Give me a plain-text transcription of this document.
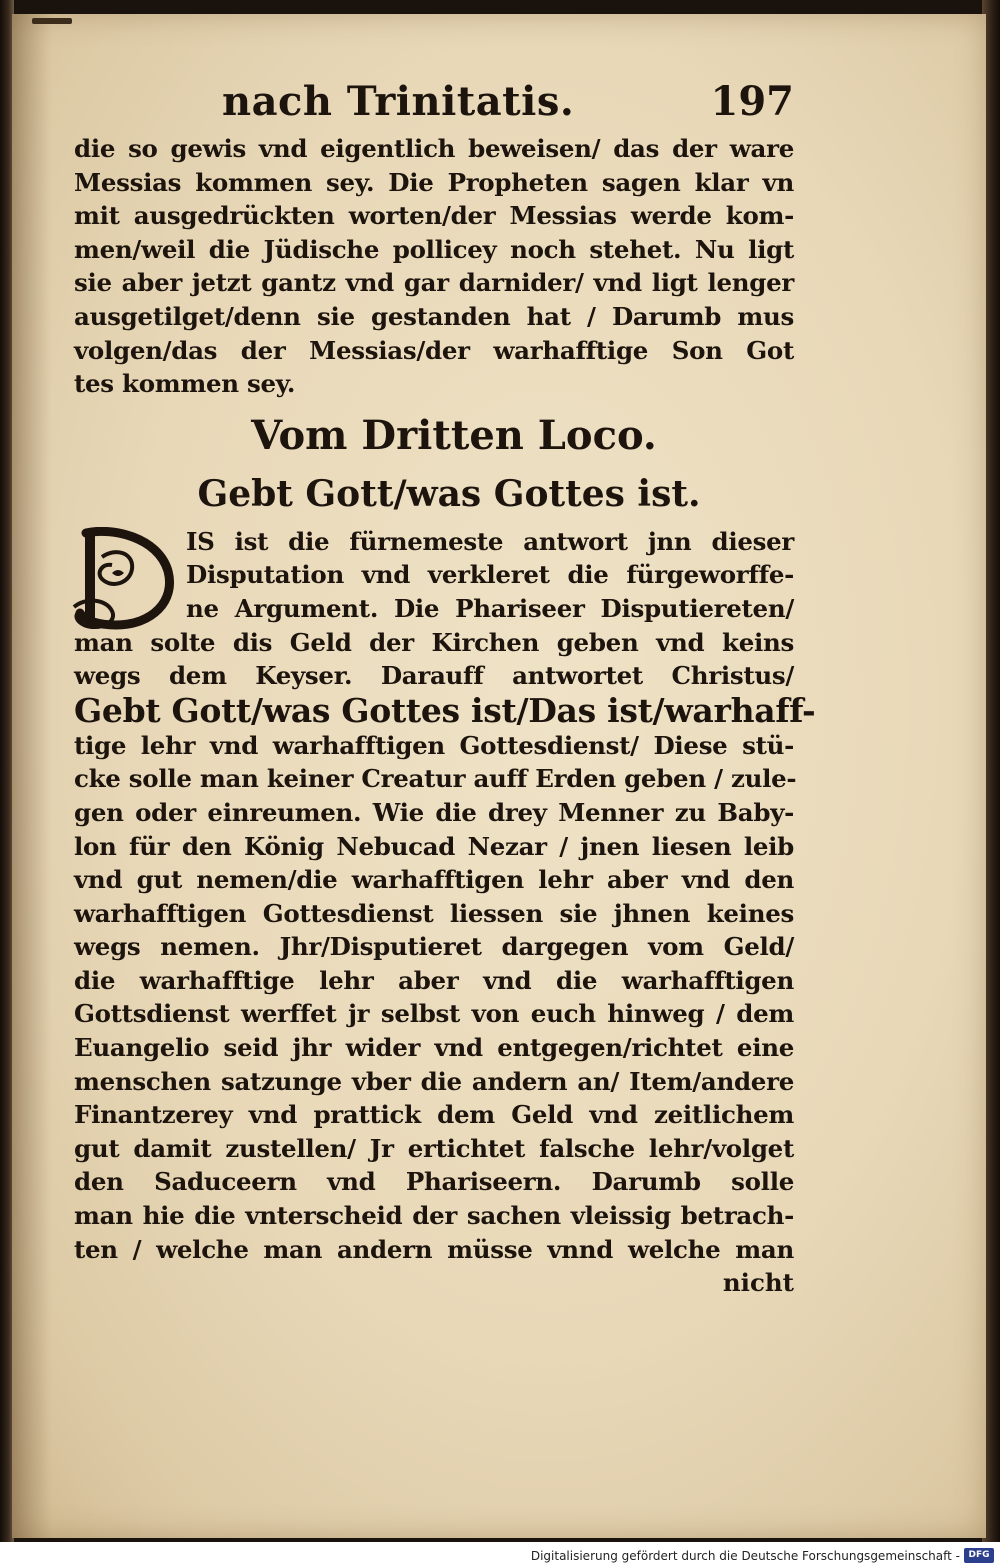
nach Trinitatis.	197
die so gewis vnd eigentlich beweisen/ das der ware
Messias kommen sey. Die Propheten sagen klar vn
mit ausgedrückten worten/der Messias werde kom-
men/weil die Jüdische pollicey noch stehet. Nu ligt
sie aber jetzt gantz vnd gar darnider/ vnd ligt lenger
ausgetilget/denn sie gestanden hat / Darumb mus
volgen/das der Messias/der warhafftige Son Got
tes kommen sey.
Vom Dritten Loco.
Gebt Gott/was Gottes ist.
IS ist die fürnemeste antwort jnn dieser
Disputation vnd verkleret die fürgeworffe-
ne Argument. Die Phariseer Disputiereten/
man solte dis Geld der Kirchen geben vnd keins
wegs dem Keyser. Darauff antwortet Christus/
Gebt Gott/was Gottes ist/Das ist/warhaff-
tige lehr vnd warhafftigen Gottesdienst/ Diese stü-
cke solle man keiner Creatur auff Erden geben / zule-
gen oder einreumen. Wie die drey Menner zu Baby-
lon für den König Nebucad Nezar / jnen liesen leib
vnd gut nemen/die warhafftigen lehr aber vnd den
warhafftigen Gottesdienst liessen sie jhnen keines
wegs nemen. Jhr/Disputieret dargegen vom Geld/
die warhafftige lehr aber vnd die warhafftigen
Gottsdienst werffet jr selbst von euch hinweg / dem
Euangelio seid jhr wider vnd entgegen/richtet eine
menschen satzunge vber die andern an/ Item/andere
Finantzerey vnd prattick dem Geld vnd zeitlichem
gut damit zustellen/ Jr ertichtet falsche lehr/volget
den Saduceern vnd Phariseern. Darumb solle
man hie die vnterscheid der sachen vleissig betrach-
ten / welche man andern müsse vnnd welche man
nicht
Digitalisierung gefördert durch die Deutsche Forschungsgemeinschaft - DFG
